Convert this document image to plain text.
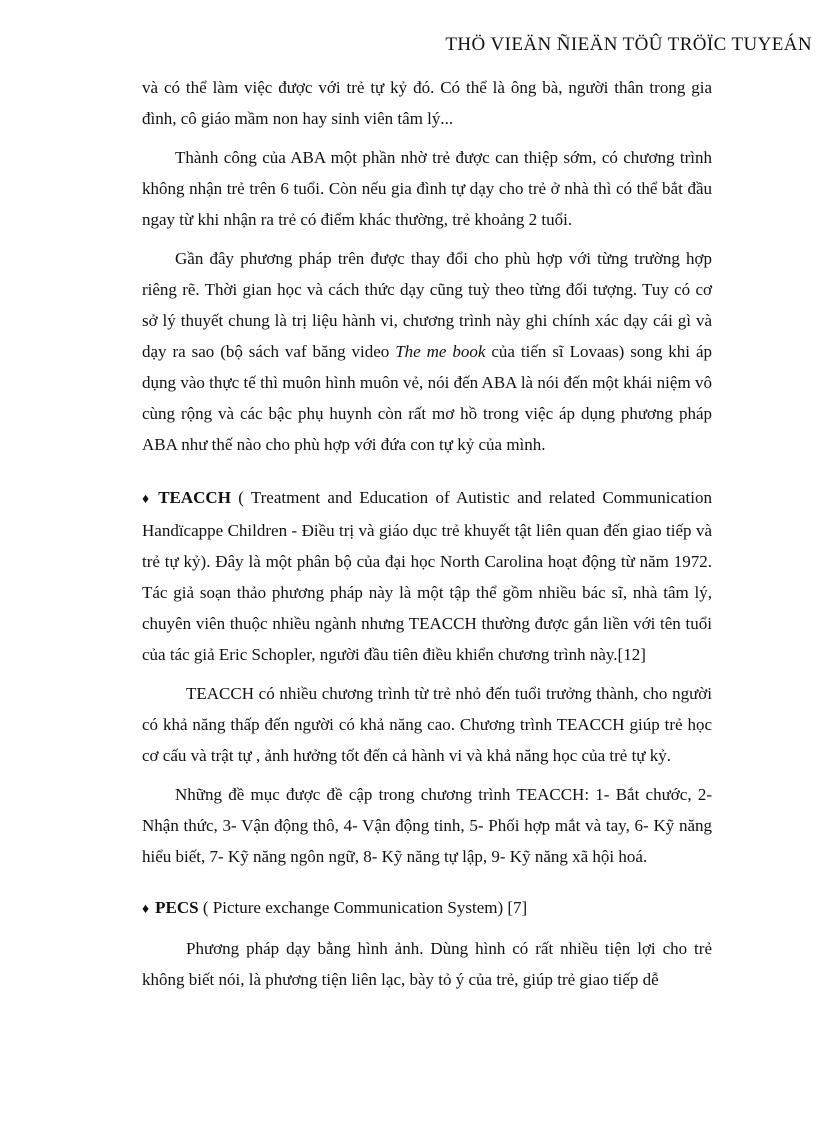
THÖ VIEÄN ÑIEÄN TÖÛ TRÖÏC TUYEÁN

và có thể làm việc được với trẻ tự kỷ đó. Có thể là ông bà, người thân trong gia đình, cô giáo mầm non hay sinh viên tâm lý...

Thành công của ABA một phần nhờ trẻ được can thiệp sớm, có chương trình không nhận trẻ trên 6 tuổi. Còn nếu gia đình tự dạy cho trẻ ở nhà thì có thể bắt đầu ngay từ khi nhận ra trẻ có điểm khác thường, trẻ khoảng 2 tuổi.

Gần đây phương pháp trên được thay đổi cho phù hợp với từng trường hợp riêng rẽ. Thời gian học và cách thức dạy cũng tuỳ theo từng đối tượng. Tuy có cơ sở lý thuyết chung là trị liệu hành vi, chương trình này ghi chính xác dạy cái gì và dạy ra sao (bộ sách vaf băng video The me book của tiến sĩ Lovaas) song khi áp dụng vào thực tế thì muôn hình muôn vẻ, nói đến ABA là nói đến một khái niệm vô cùng rộng và các bậc phụ huynh còn rất mơ hồ trong việc áp dụng phương pháp ABA như thế nào cho phù hợp với đứa con tự kỷ của mình.

♦ TEACCH ( Treatment and Education of Autistic and related Communication Handïcappe Children - Điều trị và giáo dục trẻ khuyết tật liên quan đến giao tiếp và trẻ tự kỷ). Đây là một phân bộ của đại học North Carolina hoạt động từ năm 1972. Tác giả soạn thảo phương pháp này là một tập thể gồm nhiều bác sĩ, nhà tâm lý, chuyên viên thuộc nhiều ngành nhưng TEACCH thường được gắn liền với tên tuổi của tác giả Eric Schopler, người đầu tiên điều khiển chương trình này.[12]

TEACCH có nhiều chương trình từ trẻ nhỏ đến tuổi trưởng thành, cho người có khả năng thấp đến người có khả năng cao. Chương trình TEACCH giúp trẻ học cơ cấu và trật tự , ảnh hưởng tốt đến cả hành vi và khả năng học của trẻ tự kỷ.

Những đề mục được đề cập trong chương trình TEACCH: 1- Bắt chước, 2- Nhận thức, 3- Vận động thô, 4- Vận động tinh, 5- Phối hợp mắt và tay, 6- Kỹ năng hiểu biết, 7- Kỹ năng ngôn ngữ, 8- Kỹ năng tự lập, 9- Kỹ năng xã hội hoá.

♦ PECS ( Picture exchange Communication System) [7]

Phương pháp dạy bằng hình ảnh. Dùng hình có rất nhiều tiện lợi cho trẻ không biết nói, là phương tiện liên lạc, bày tỏ ý của trẻ, giúp trẻ giao tiếp dễ
